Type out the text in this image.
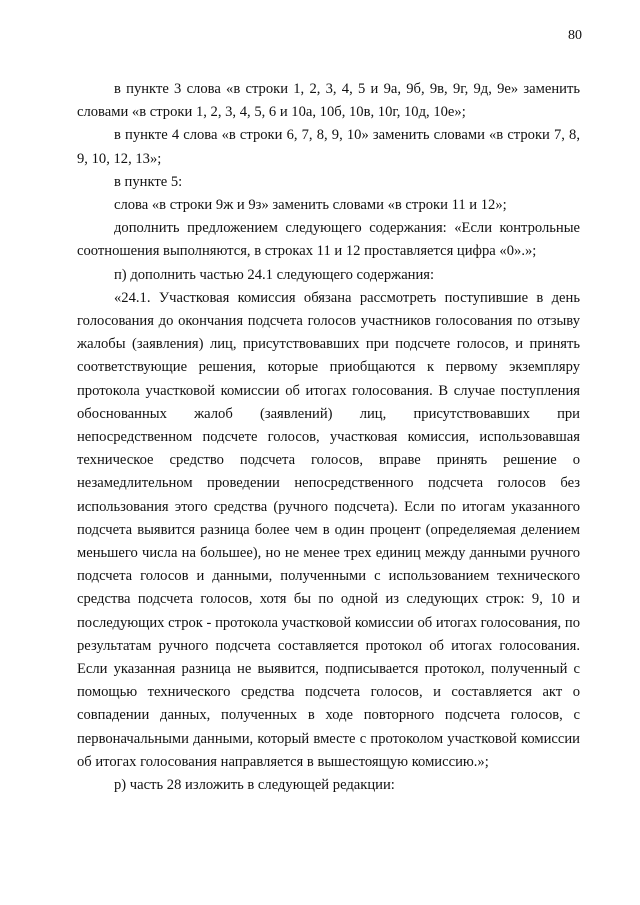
80

в пункте 3 слова «в строки 1, 2, 3, 4, 5 и 9а, 9б, 9в, 9г, 9д, 9е» заменить словами «в строки 1, 2, 3, 4, 5, 6 и 10а, 10б, 10в, 10г, 10д, 10е»;

в пункте 4 слова «в строки 6, 7, 8, 9, 10» заменить словами «в строки 7, 8, 9, 10, 12, 13»;

в пункте 5:

слова «в строки 9ж и 9з» заменить словами «в строки 11 и 12»;

дополнить предложением следующего содержания: «Если контрольные соотношения выполняются, в строках 11 и 12 проставляется цифра «0».»;

п) дополнить частью 24.1 следующего содержания:

«24.1. Участковая комиссия обязана рассмотреть поступившие в день голосования до окончания подсчета голосов участников голосования по отзыву жалобы (заявления) лиц, присутствовавших при подсчете голосов, и принять соответствующие решения, которые приобщаются к первому экземпляру протокола участковой комиссии об итогах голосования. В случае поступления обоснованных жалоб (заявлений) лиц, присутствовавших при непосредственном подсчете голосов, участковая комиссия, использовавшая техническое средство подсчета голосов, вправе принять решение о незамедлительном проведении непосредственного подсчета голосов без использования этого средства (ручного подсчета). Если по итогам указанного подсчета выявится разница более чем в один процент (определяемая делением меньшего числа на большее), но не менее трех единиц между данными ручного подсчета голосов и данными, полученными с использованием технического средства подсчета голосов, хотя бы по одной из следующих строк: 9, 10 и последующих строк - протокола участковой комиссии об итогах голосования, по результатам ручного подсчета составляется протокол об итогах голосования. Если указанная разница не выявится, подписывается протокол, полученный с помощью технического средства подсчета голосов, и составляется акт о совпадении данных, полученных в ходе повторного подсчета голосов, с первоначальными данными, который вместе с протоколом участковой комиссии об итогах голосования направляется в вышестоящую комиссию.»;

р) часть 28 изложить в следующей редакции:
